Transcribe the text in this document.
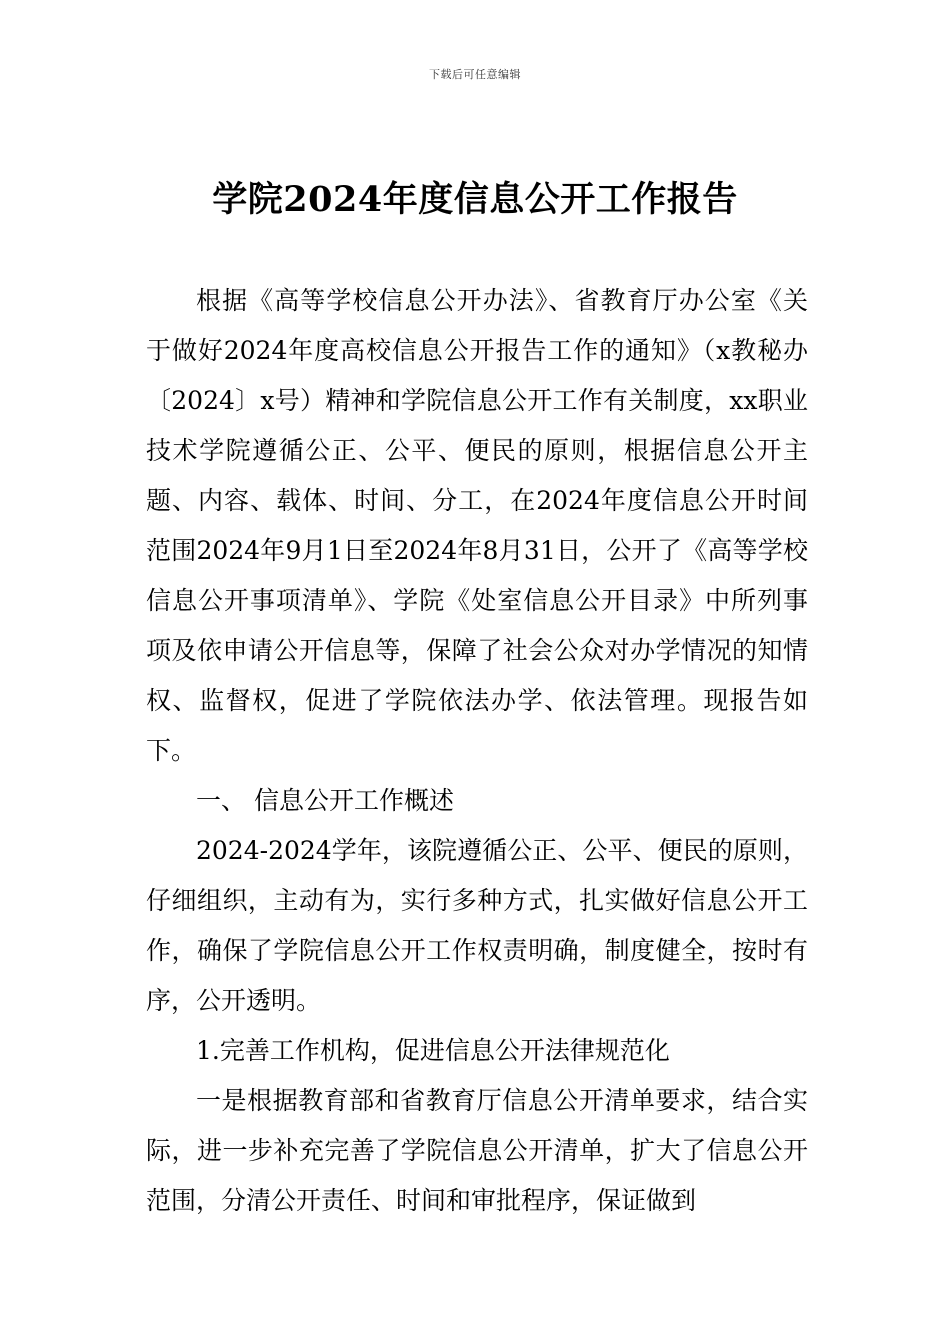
下载后可任意编辑
学院2024年度信息公开工作报告

根据《高等学校信息公开办法》、省教育厅办公室《关于做好2024年度高校信息公开报告工作的通知》（x教秘办〔2024〕x号）精神和学院信息公开工作有关制度，xx职业技术学院遵循公正、公平、便民的原则，根据信息公开主题、内容、载体、时间、分工，在2024年度信息公开时间范围2024年9月1日至2024年8月31日，公开了《高等学校信息公开事项清单》、学院《处室信息公开目录》中所列事项及依申请公开信息等，保障了社会公众对办学情况的知情权、监督权，促进了学院依法办学、依法管理。现报告如下。

一、 信息公开工作概述

2024-2024学年，该院遵循公正、公平、便民的原则，仔细组织，主动有为，实行多种方式，扎实做好信息公开工作，确保了学院信息公开工作权责明确，制度健全，按时有序，公开透明。

1.完善工作机构，促进信息公开法律规范化

一是根据教育部和省教育厅信息公开清单要求，结合实际，进一步补充完善了学院信息公开清单，扩大了信息公开范围，分清公开责任、时间和审批程序，保证做到
